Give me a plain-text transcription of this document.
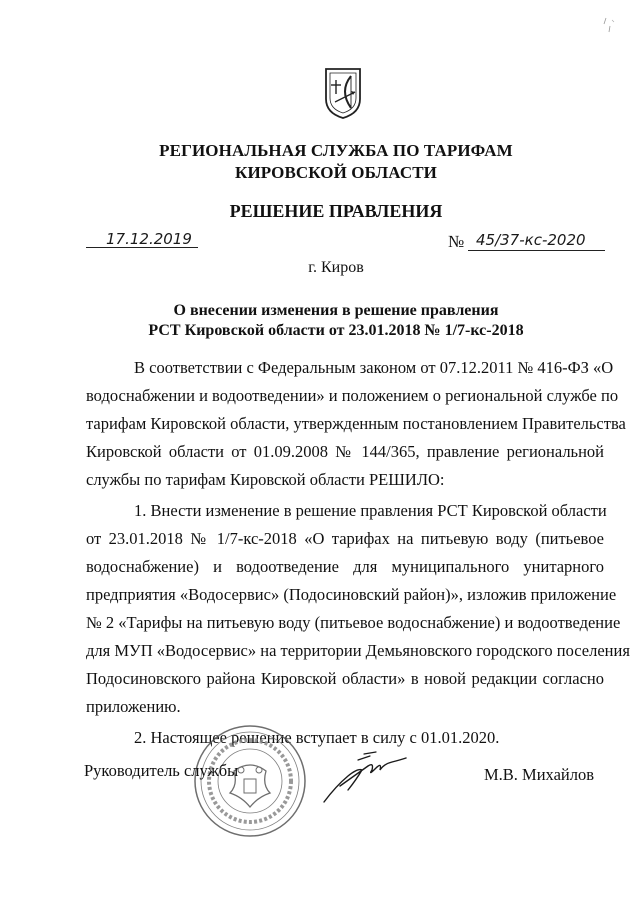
РЕГИОНАЛЬНАЯ СЛУЖБА ПО ТАРИФАМ
КИРОВСКОЙ ОБЛАСТИ
РЕШЕНИЕ ПРАВЛЕНИЯ
17.12.2019	№ 45/37-кс-2020
г. Киров
О внесении изменения в решение правления
РСТ Кировской области от 23.01.2018 № 1/7-кс-2018
В соответствии с Федеральным законом от 07.12.2011 № 416-ФЗ «О
водоснабжении и водоотведении» и положением о региональной службе по
тарифам Кировской области, утвержденным постановлением Правительства
Кировской области от 01.09.2008 № 144/365, правление региональной
службы по тарифам Кировской области РЕШИЛО:
1. Внести изменение в решение правления РСТ Кировской области
от 23.01.2018 № 1/7-кс-2018 «О тарифах на питьевую воду (питьевое
водоснабжение) и водоотведение для муниципального унитарного
предприятия «Водосервис» (Подосиновский район)», изложив приложение
№ 2 «Тарифы на питьевую воду (питьевое водоснабжение) и водоотведение
для МУП «Водосервис» на территории Демьяновского городского поселения
Подосиновского района Кировской области» в новой редакции согласно
приложению.
2. Настоящее решение вступает в силу с 01.01.2020.
Руководитель службы	М.В. Михайлов
